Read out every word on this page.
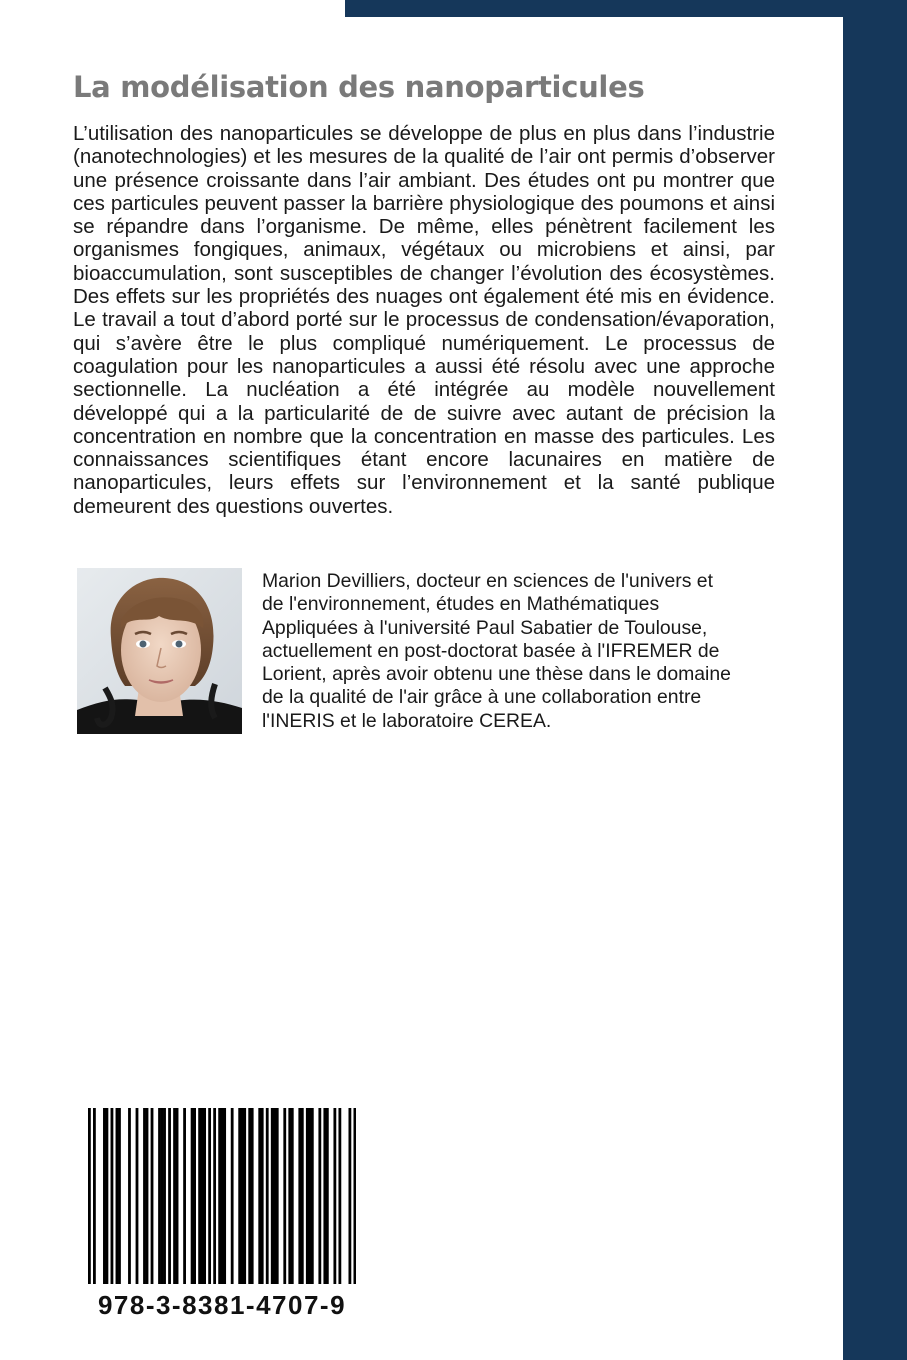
La modélisation des nanoparticules

L’utilisation des nanoparticules se développe de plus en plus dans l’industrie (nanotechnologies) et les mesures de la qualité de l’air ont permis d’observer une présence croissante dans l’air ambiant. Des études ont pu montrer que ces particules peuvent passer la barrière physiologique des poumons et ainsi se répandre dans l’organisme. De même, elles pénètrent facilement les organismes fongiques, animaux, végétaux ou microbiens et ainsi, par bioaccumulation, sont susceptibles de changer l’évolution des écosystèmes. Des effets sur les propriétés des nuages ont également été mis en évidence. Le travail a tout d’abord porté sur le processus de condensation/évaporation, qui s’avère être le plus compliqué numériquement. Le processus de coagulation pour les nanoparticules a aussi été résolu avec une approche sectionnelle. La nucléation a été intégrée au modèle nouvellement développé qui a la particularité de de suivre avec autant de précision la concentration en nombre que la concentration en masse des particules. Les connaissances scientifiques étant encore lacunaires en matière de nanoparticules, leurs effets sur l’environnement et la santé publique demeurent des questions ouvertes.

Marion Devilliers, docteur en sciences de l'univers et
de l'environnement, études en Mathématiques
Appliquées à l'université Paul Sabatier de Toulouse,
actuellement en post-doctorat basée à l'IFREMER de
Lorient, après avoir obtenu une thèse dans le domaine
de la qualité de l'air grâce à une collaboration entre
l'INERIS et le laboratoire CEREA.
978-3-8381-4707-9
